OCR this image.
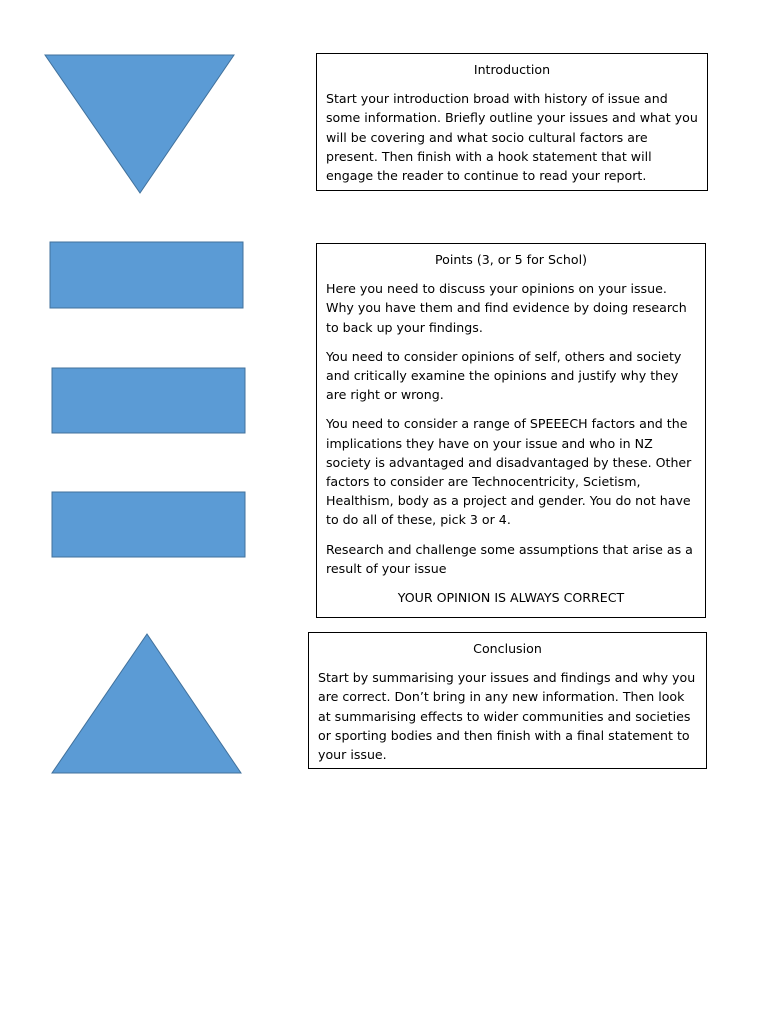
Introduction

Start your introduction broad with history of issue and some information. Briefly outline your issues and what you will be covering and what socio cultural factors are present. Then finish with a hook statement that will engage the reader to continue to read your report.

Points (3, or 5 for Schol)

Here you need to discuss your opinions on your issue. Why you have them and find evidence by doing research to back up your findings.

You need to consider opinions of self, others and society and critically examine the opinions and justify why they are right or wrong.

You need to consider a range of SPEEECH factors and the implications they have on your issue and who in NZ society is advantaged and disadvantaged by these. Other factors to consider are Technocentricity, Scietism, Healthism, body as a project and gender. You do not have to do all of these, pick 3 or 4.

Research and challenge some assumptions that arise as a result of your issue

YOUR OPINION IS ALWAYS CORRECT

Conclusion

Start by summarising your issues and findings and why you are correct. Don’t bring in any new information. Then look at summarising effects to wider communities and societies or sporting bodies and then finish with a final statement to your issue.
